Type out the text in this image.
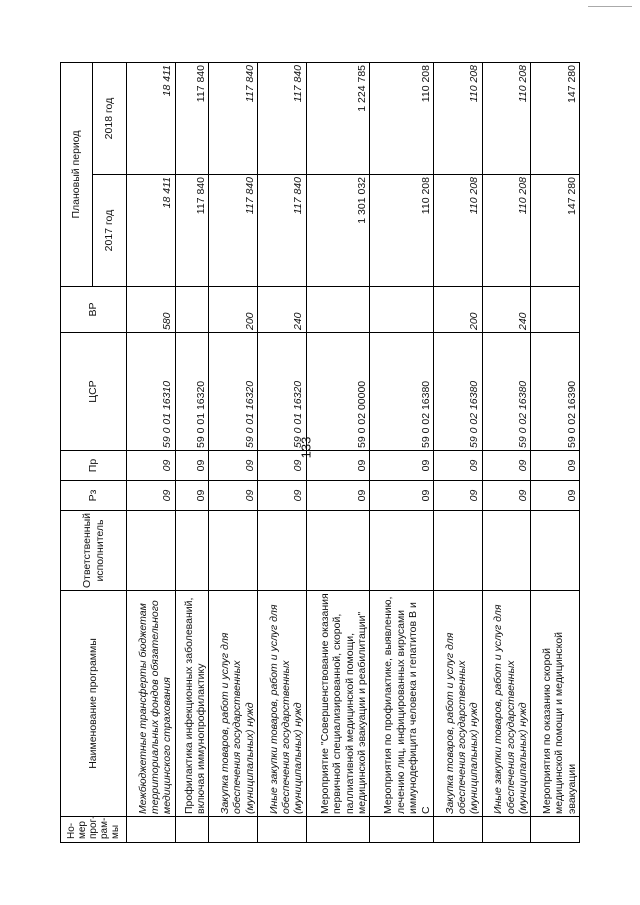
133
Но-
мер
прог-
рам-
мы	Наименование программы	Ответственный исполнитель	Рз	Пр	ЦСР	ВР	Плановый период	
							2017 год	2018 год
	Межбюджетные трансферты бюджетам территориальных фондов обязательного медицинского страхования		09	09	59 0 01 16310	580	18 411	18 411
	Профилактика инфекционных заболеваний, включая иммунопрофилактику		09	09	59 0 01 16320		117 840	117 840
	Закупка товаров, работ и услуг для обеспечения государственных (муниципальных) нужд		09	09	59 0 01 16320	200	117 840	117 840
	Иные закупки товаров, работ и услуг для обеспечения государственных (муниципальных) нужд		09	09	59 0 01 16320	240	117 840	117 840
	Мероприятие "Совершенствование оказания первичной специализированной, скорой, паллиативной медицинской помощи, медицинской эвакуации и реабилитации"		09	09	59 0 02 00000		1 301 032	1 224 785
	Мероприятия по профилактике, выявлению, лечению лиц, инфицированных вирусами иммунодефицита человека и гепатитов В и С		09	09	59 0 02 16380		110 208	110 208
	Закупка товаров, работ и услуг для обеспечения государственных (муниципальных) нужд		09	09	59 0 02 16380	200	110 208	110 208
	Иные закупки товаров, работ и услуг для обеспечения государственных (муниципальных) нужд		09	09	59 0 02 16380	240	110 208	110 208
	Мероприятия по оказанию скорой медицинской помощи и медицинской эвакуации		09	09	59 0 02 16390		147 280	147 280
